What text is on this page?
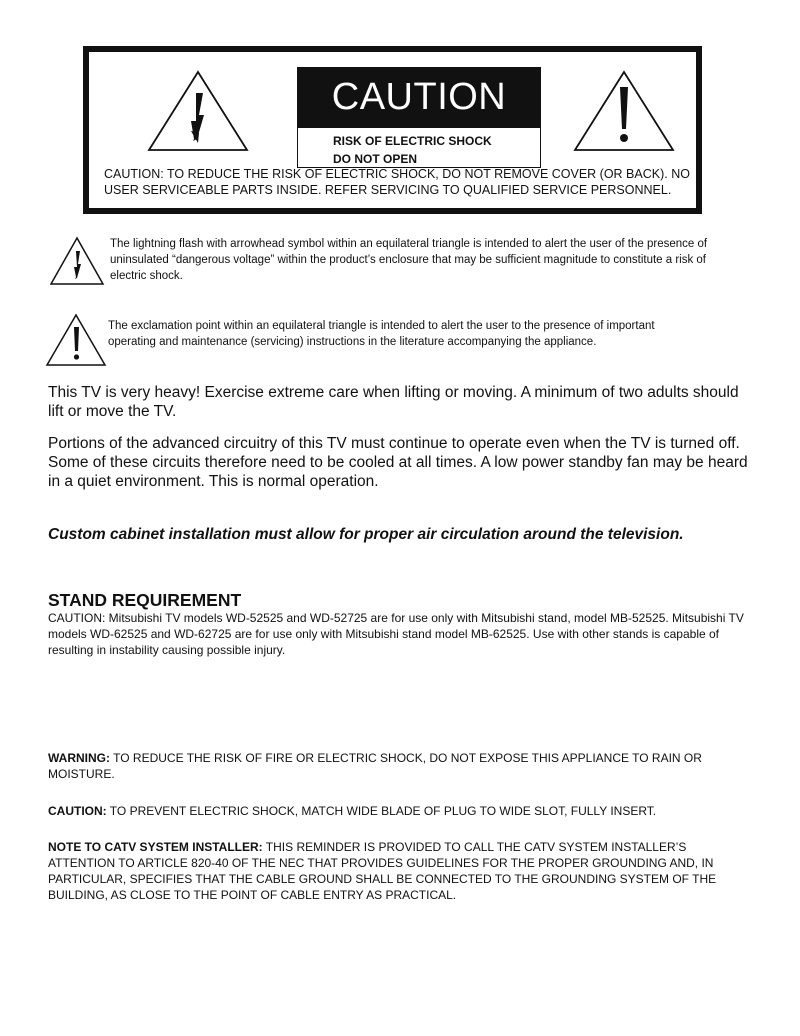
CAUTION
RISK OF ELECTRIC SHOCK
DO NOT OPEN
CAUTION: TO REDUCE THE RISK OF ELECTRIC SHOCK, DO NOT REMOVE COVER (OR BACK). NO USER SERVICEABLE PARTS INSIDE. REFER SERVICING TO QUALIFIED SERVICE PERSONNEL.
The lightning flash with arrowhead symbol within an equilateral triangle is intended to alert the user of the presence of uninsulated “dangerous voltage” within the product’s enclosure that may be sufficient magnitude to constitute a risk of electric shock.
The exclamation point within an equilateral triangle is intended to alert the user to the presence of important operating and maintenance (servicing) instructions in the literature accompanying the appliance.
This TV is very heavy! Exercise extreme care when lifting or moving. A minimum of two adults should lift or move the TV.
Portions of the advanced circuitry of this TV must continue to operate even when the TV is turned off. Some of these circuits therefore need to be cooled at all times. A low power standby fan may be heard in a quiet environment. This is normal operation.
Custom cabinet installation must allow for proper air circulation around the television.
STAND REQUIREMENT
CAUTION: Mitsubishi TV models WD-52525 and WD-52725 are for use only with Mitsubishi stand, model MB-52525. Mitsubishi TV models WD-62525 and WD-62725 are for use only with Mitsubishi stand model MB-62525. Use with other stands is capable of resulting in instability causing possible injury.
WARNING: TO REDUCE THE RISK OF FIRE OR ELECTRIC SHOCK, DO NOT EXPOSE THIS APPLIANCE TO RAIN OR MOISTURE.
CAUTION: TO PREVENT ELECTRIC SHOCK, MATCH WIDE BLADE OF PLUG TO WIDE SLOT, FULLY INSERT.
NOTE TO CATV SYSTEM INSTALLER: THIS REMINDER IS PROVIDED TO CALL THE CATV SYSTEM INSTALLER’S ATTENTION TO ARTICLE 820-40 OF THE NEC THAT PROVIDES GUIDELINES FOR THE PROPER GROUNDING AND, IN PARTICULAR, SPECIFIES THAT THE CABLE GROUND SHALL BE CONNECTED TO THE GROUNDING SYSTEM OF THE BUILDING, AS CLOSE TO THE POINT OF CABLE ENTRY AS PRACTICAL.
